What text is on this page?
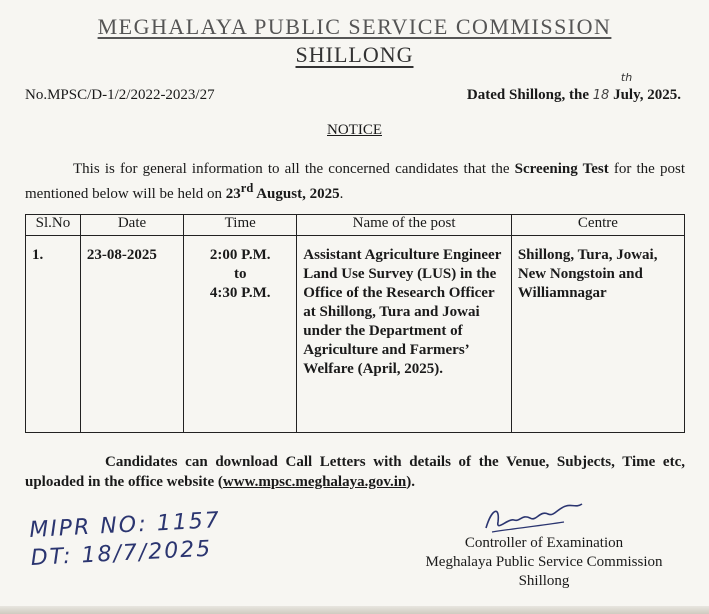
MEGHALAYA PUBLIC SERVICE COMMISSION
SHILLONG
No.MPSC/D-1/2/2022-2023/27	Dated Shillong, the 18
th
July, 2025.
NOTICE
This is for general information to all the concerned candidates that the Screening Test for the post mentioned below will be held on 23rd August, 2025.
Sl.No	Date	Time	Name of the post	Centre
1.	23-08-2025	2:00 P.M.
to
4:30 P.M.	Assistant Agriculture Engineer Land Use Survey (LUS) in the Office of the Research Officer at Shillong, Tura and Jowai under the Department of Agriculture and Farmers’ Welfare (April, 2025).	Shillong, Tura, Jowai, New Nongstoin and Williamnagar
Candidates can download Call Letters with details of the Venue, Subjects, Time etc, uploaded in the office website (www.mpsc.meghalaya.gov.in).
MIPR NO: 1157
DT: 18/7/2025	Controller of Examination
Meghalaya Public Service Commission
Shillong
